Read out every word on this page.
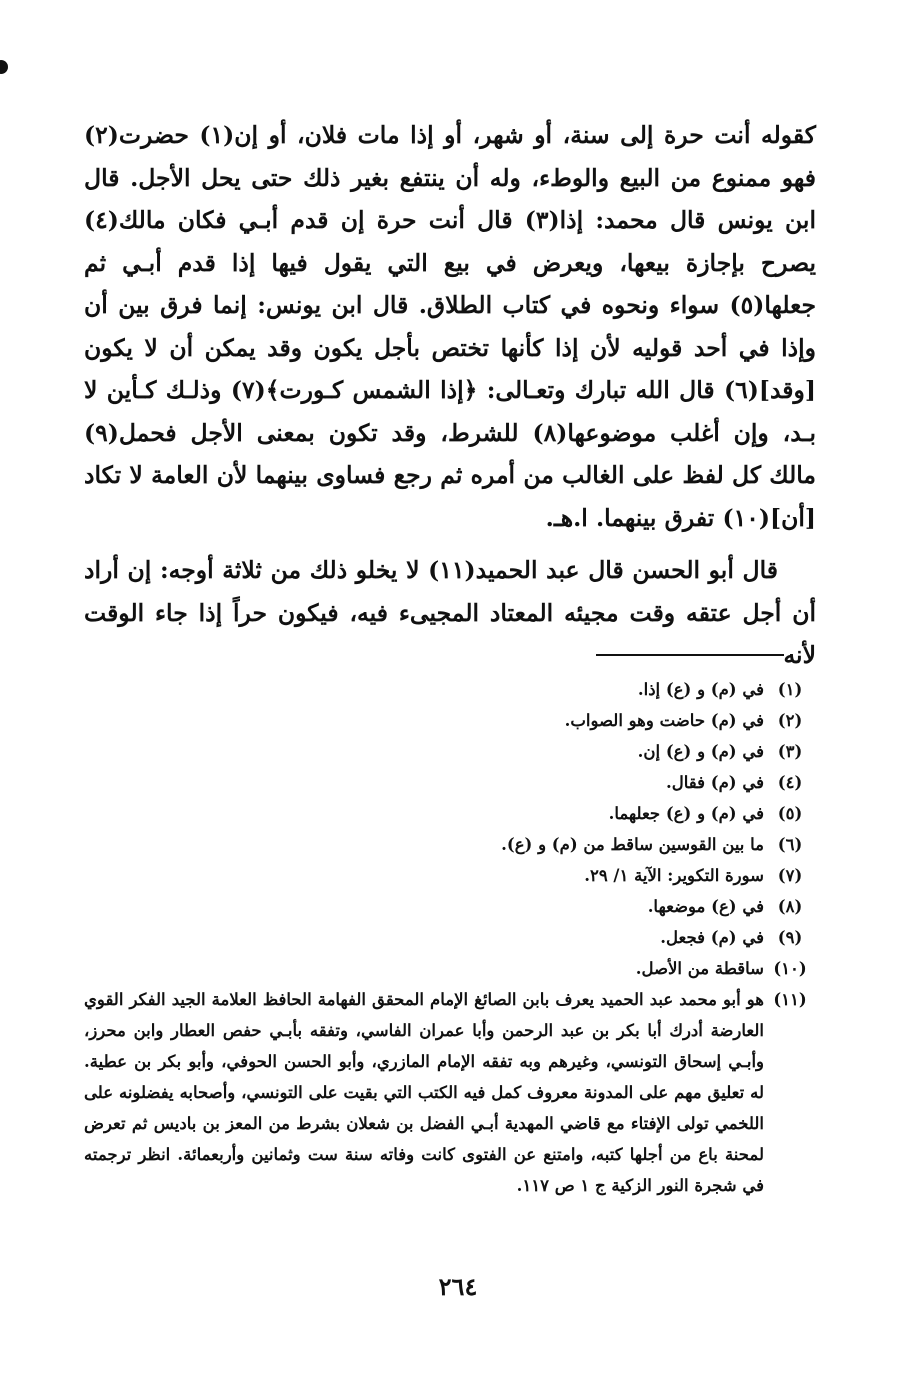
كقوله أنت حرة إلى سنة، أو شهر، أو إذا مات فلان، أو إن(١) حضرت(٢) فهو ممنوع من البيع والوطء، وله أن ينتفع بغير ذلك حتى يحل الأجل. قال ابن يونس قال محمد: إذا(٣) قال أنت حرة إن قدم أبـي فكان مالك(٤) يصرح بإجازة بيعها، ويعرض في بيع التي يقول فيها إذا قدم أبـي ثم جعلها(٥) سواء ونحوه في كتاب الطلاق. قال ابن يونس: إنما فرق بين أن وإذا في أحد قوليه لأن إذا كأنها تختص بأجل يكون وقد يمكن أن لا يكون [وقد](٦) قال الله تبارك وتعـالى: ﴿إذا الشمس كـورت﴾(٧) وذلـك كـأين لا بـد، وإن أغلب موضوعها(٨) للشرط، وقد تكون بمعنى الأجل فحمل(٩) مالك كل لفظ على الغالب من أمره ثم رجع فساوى بينهما لأن العامة لا تكاد [أن](١٠) تفرق بينهما. ا.هـ.

قال أبو الحسن قال عبد الحميد(١١) لا يخلو ذلك من ثلاثة أوجه: إن أراد أن أجل عتقه وقت مجيئه المعتاد المجيىء فيه، فيكون حراً إذا جاء الوقت لأنه

(١)
في (م) و (ع) إذا.
(٢)
في (م) حاضت وهو الصواب.
(٣)
في (م) و (ع) إن.
(٤)
في (م) فقال.
(٥)
في (م) و (ع) جعلهما.
(٦)
ما بين القوسين ساقط من (م) و (ع).
(٧)
سورة التكوير: الآية ١/ ٢٩.
(٨)
في (ع) موضعها.
(٩)
في (م) فجعل.
(١٠)
ساقطة من الأصل.
(١١)
هو أبو محمد عبد الحميد يعرف بابن الصائغ الإمام المحقق الفهامة الحافظ العلامة الجيد الفكر القوي العارضة أدرك أبا بكر بن عبد الرحمن وأبا عمران الفاسي، وتفقه بأبـي حفص العطار وابن محرز، وأبـي إسحاق التونسي، وغيرهم وبه تفقه الإمام المازري، وأبو الحسن الحوفي، وأبو بكر بن عطية. له تعليق مهم على المدونة معروف كمل فيه الكتب التي بقيت على التونسي، وأصحابه يفضلونه على اللخمي تولى الإفتاء مع قاضي المهدية أبـي الفضل بن شعلان بشرط من المعز بن باديس ثم تعرض لمحنة باع من أجلها كتبه، وامتنع عن الفتوى كانت وفاته سنة ست وثمانين وأربعمائة. انظر ترجمته في شجرة النور الزكية ج ١ ص ١١٧.
٢٦٤
